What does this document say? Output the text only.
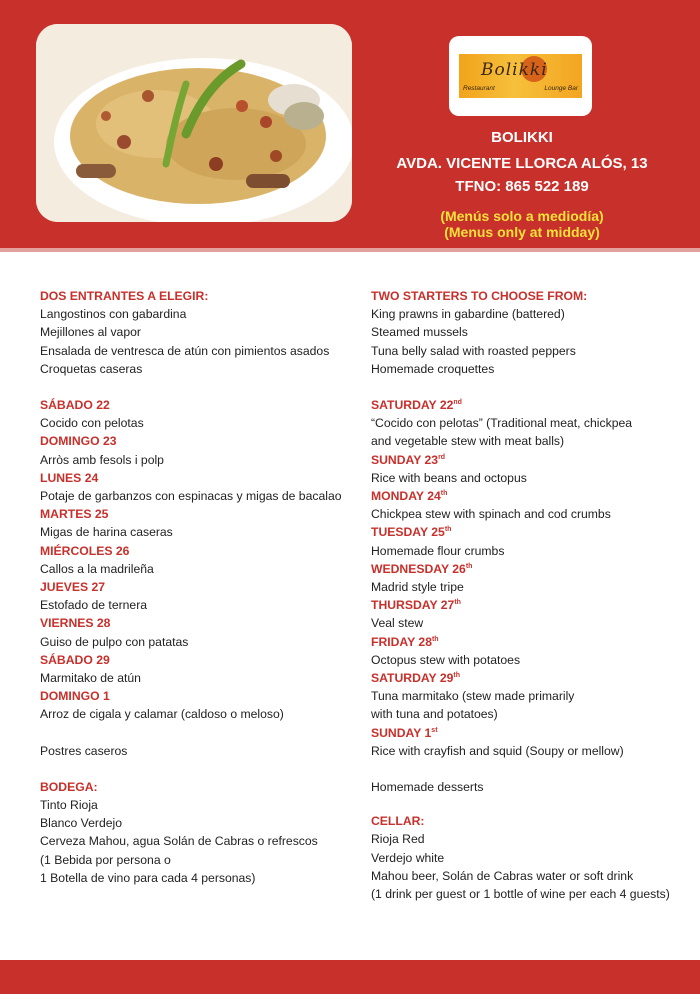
Bolikki
Restaurant	Lounge Bar
BOLIKKI
AVDA. VICENTE LLORCA ALÓS, 13
TFNO: 865 522 189
(Menús solo a mediodía)
(Menus only at midday)
DOS ENTRANTES A ELEGIR:
Langostinos con gabardina
Mejillones al vapor
Ensalada de ventresca de atún con pimientos asados
Croquetas caseras
SÁBADO 22
Cocido con pelotas
DOMINGO 23
Arròs amb fesols i polp
LUNES 24
Potaje de garbanzos con espinacas y migas de bacalao
MARTES 25
Migas de harina caseras
MIÉRCOLES 26
Callos a la madrileña
JUEVES 27
Estofado de ternera
VIERNES 28
Guiso de pulpo con patatas
SÁBADO 29
Marmitako de atún
DOMINGO 1
Arroz de cigala y calamar (caldoso o meloso)
Postres caseros
BODEGA:
Tinto Rioja
Blanco Verdejo
Cerveza Mahou, agua Solán de Cabras o refrescos
(1 Bebida por persona o
1 Botella de vino para cada 4 personas)
TWO STARTERS TO CHOOSE FROM:
King prawns in gabardine (battered)
Steamed mussels
Tuna belly salad with roasted peppers
Homemade croquettes
SATURDAY 22nd
“Cocido con pelotas” (Traditional meat, chickpea
and vegetable stew with meat balls)
SUNDAY 23rd
Rice with beans and octopus
MONDAY 24th
Chickpea stew with spinach and cod crumbs
TUESDAY 25th
Homemade flour crumbs
WEDNESDAY 26th
Madrid style tripe
THURSDAY 27th
Veal stew
FRIDAY 28th
Octopus stew with potatoes
SATURDAY 29th
Tuna marmitako (stew made primarily
with tuna and potatoes)
SUNDAY 1st
Rice with crayfish and squid (Soupy or mellow)
Homemade desserts
CELLAR:
Rioja Red
Verdejo white
Mahou beer, Solán de Cabras water or soft drink
(1 drink per guest or 1 bottle of wine per each 4 guests)
